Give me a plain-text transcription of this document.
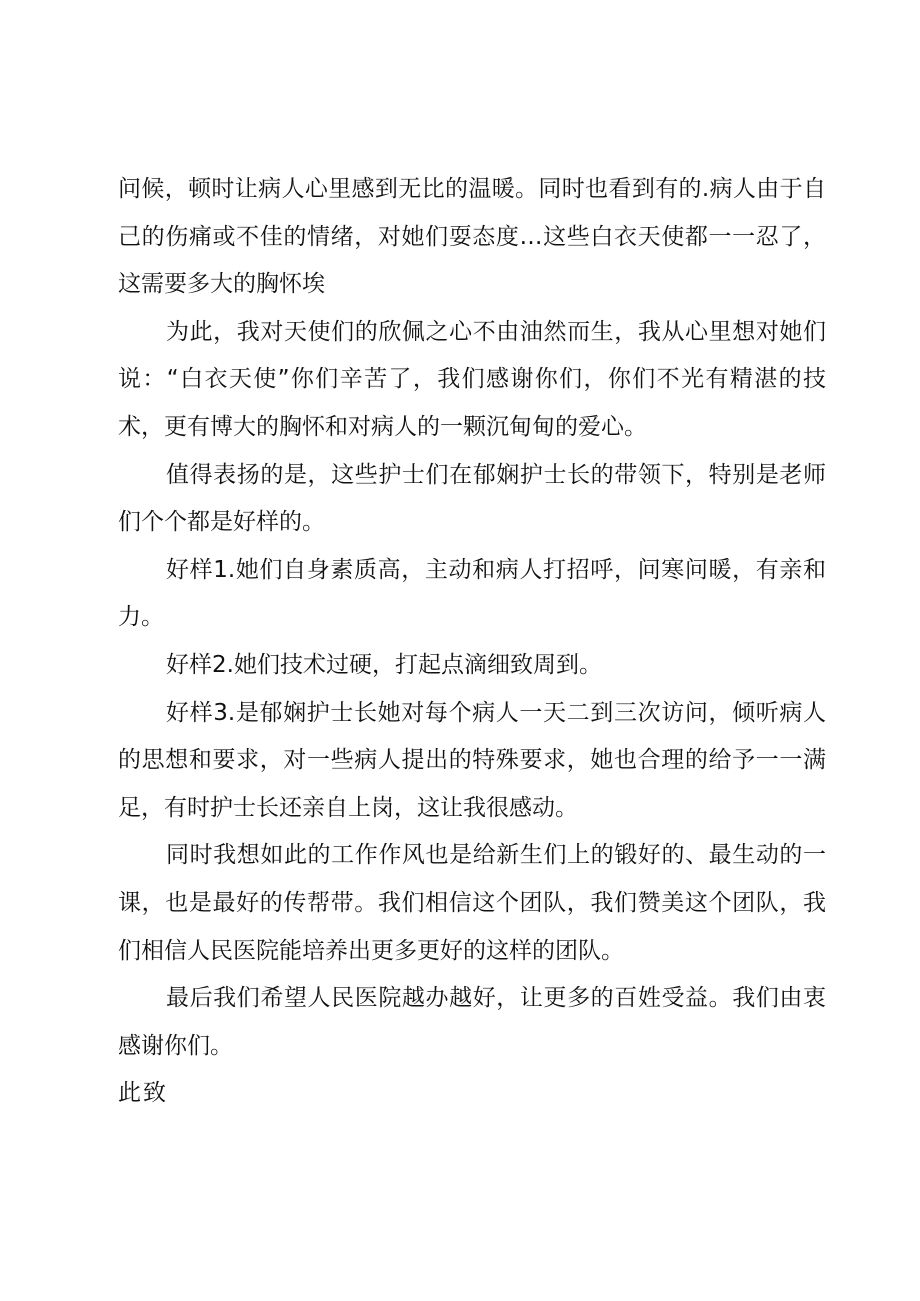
问候，顿时让病人心里感到无比的温暖。同时也看到有的.病人由于自己的伤痛或不佳的情绪，对她们耍态度…这些白衣天使都一一忍了，这需要多大的胸怀埃

为此，我对天使们的欣佩之心不由油然而生，我从心里想对她们说：“白衣天使”你们辛苦了，我们感谢你们，你们不光有精湛的技术，更有博大的胸怀和对病人的一颗沉甸甸的爱心。

值得表扬的是，这些护士们在郁娴护士长的带领下，特别是老师们个个都是好样的。

好样1.她们自身素质高，主动和病人打招呼，问寒问暖，有亲和力。

好样2.她们技术过硬，打起点滴细致周到。

好样3.是郁娴护士长她对每个病人一天二到三次访问，倾听病人的思想和要求，对一些病人提出的特殊要求，她也合理的给予一一满足，有时护士长还亲自上岗，这让我很感动。

同时我想如此的工作作风也是给新生们上的锻好的、最生动的一课，也是最好的传帮带。我们相信这个团队，我们赞美这个团队，我们相信人民医院能培养出更多更好的这样的团队。

最后我们希望人民医院越办越好，让更多的百姓受益。我们由衷感谢你们。

此致
